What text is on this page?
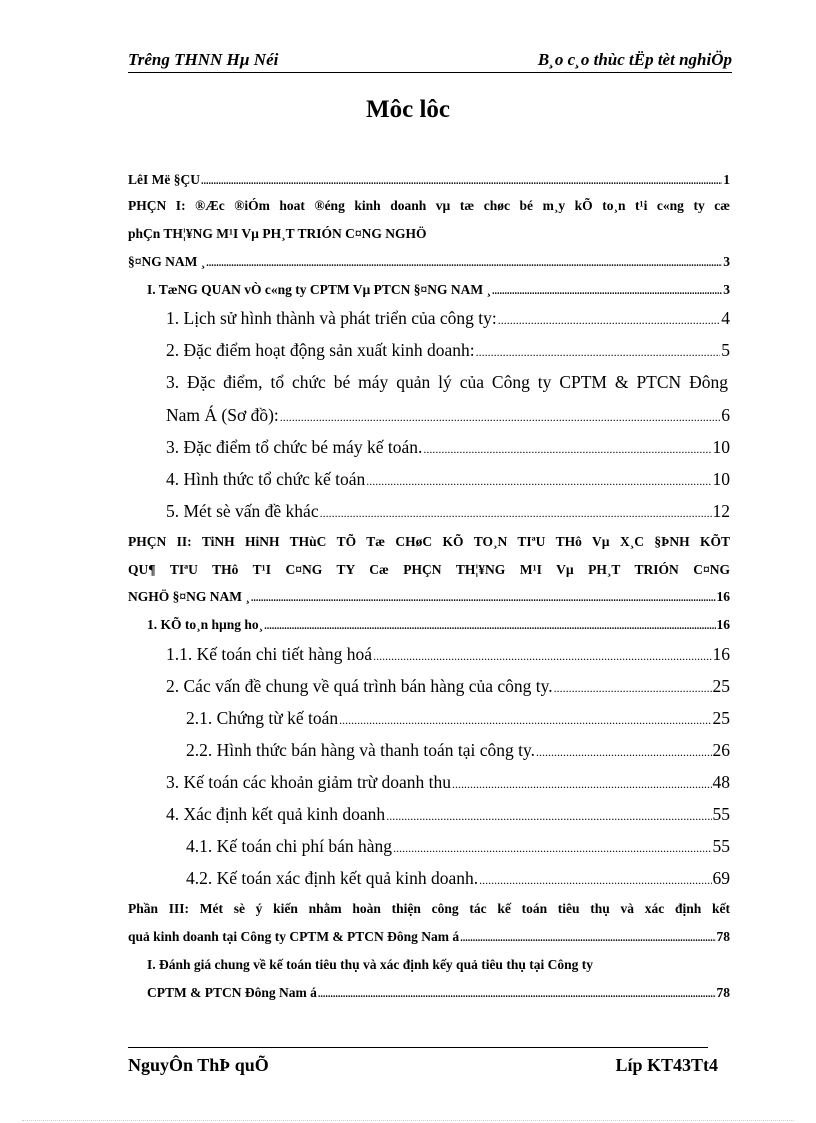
Trêng THNN Hµ Néi	B¸o c¸o thùc tËp tèt nghiÖp
Môc lôc
LêI Më §ÇU .....	1
PHÇN I: ®Æc ®iÓm hoat ®éng kinh doanh vµ tæ chøc bé m¸y kÕ to¸n t¹i c«ng ty cæ
phÇn TH¦¥NG M¹I Vµ PH¸T TRIÓN C¤NG NGHÖ
§¤NG NAM ¸ .....	3
I. TæNG QUAN vÒ c«ng ty CPTM Vµ PTCN §¤NG NAM ¸ .....	3
1. Lịch sử hình thành và phát triển của công ty: .....	4
2. Đặc điểm hoạt động sản xuất kinh doanh: .....	5
3. Đặc điểm, tổ chức bé máy quản lý của Công ty CPTM & PTCN Đông
Nam Á (Sơ đồ): .....	6
3. Đặc điểm tổ chức bé máy kế toán. .....	10
4. Hình thức tổ chức kế toán .....	10
5. Mét sè vấn đề khác .....	12
PHÇN II: TiNH HiNH THùC TÕ Tæ CHøC KÕ TO¸N TIªU THô Vµ X¸C §ÞNH KÕT
QU¶ TIªU THô T¹I C¤NG TY Cæ PHÇN TH¦¥NG M¹I Vµ PH¸T TRIÓN C¤NG
NGHÖ §¤NG NAM ¸ .....	16
1. KÕ to¸n hµng ho¸ .....	16
1.1. Kế toán chi tiết hàng hoá .....	16
2. Các vấn đề chung về quá trình bán hàng của công ty. .....	25
2.1. Chứng từ kế toán .....	25
2.2. Hình thức bán hàng và thanh toán tại công ty. .....	26
3. Kế toán các khoản giảm trừ doanh thu .....	48
4. Xác định kết quả kinh doanh .....	55
4.1. Kế toán chi phí bán hàng .....	55
4.2. Kế toán xác định kết quả kinh doanh. .....	69
Phần III: Mét sè ý kiến nhằm hoàn thiện công tác kế toán tiêu thụ và xác định kết
quả kinh doanh tại Công ty CPTM & PTCN Đông Nam á .....	78
I. Đánh giá chung về kế toán tiêu thụ và xác định kếy quả tiêu thụ tại Công ty
CPTM & PTCN Đông Nam á .....	78
NguyÔn ThÞ quÕ	Líp KT43Tt4
